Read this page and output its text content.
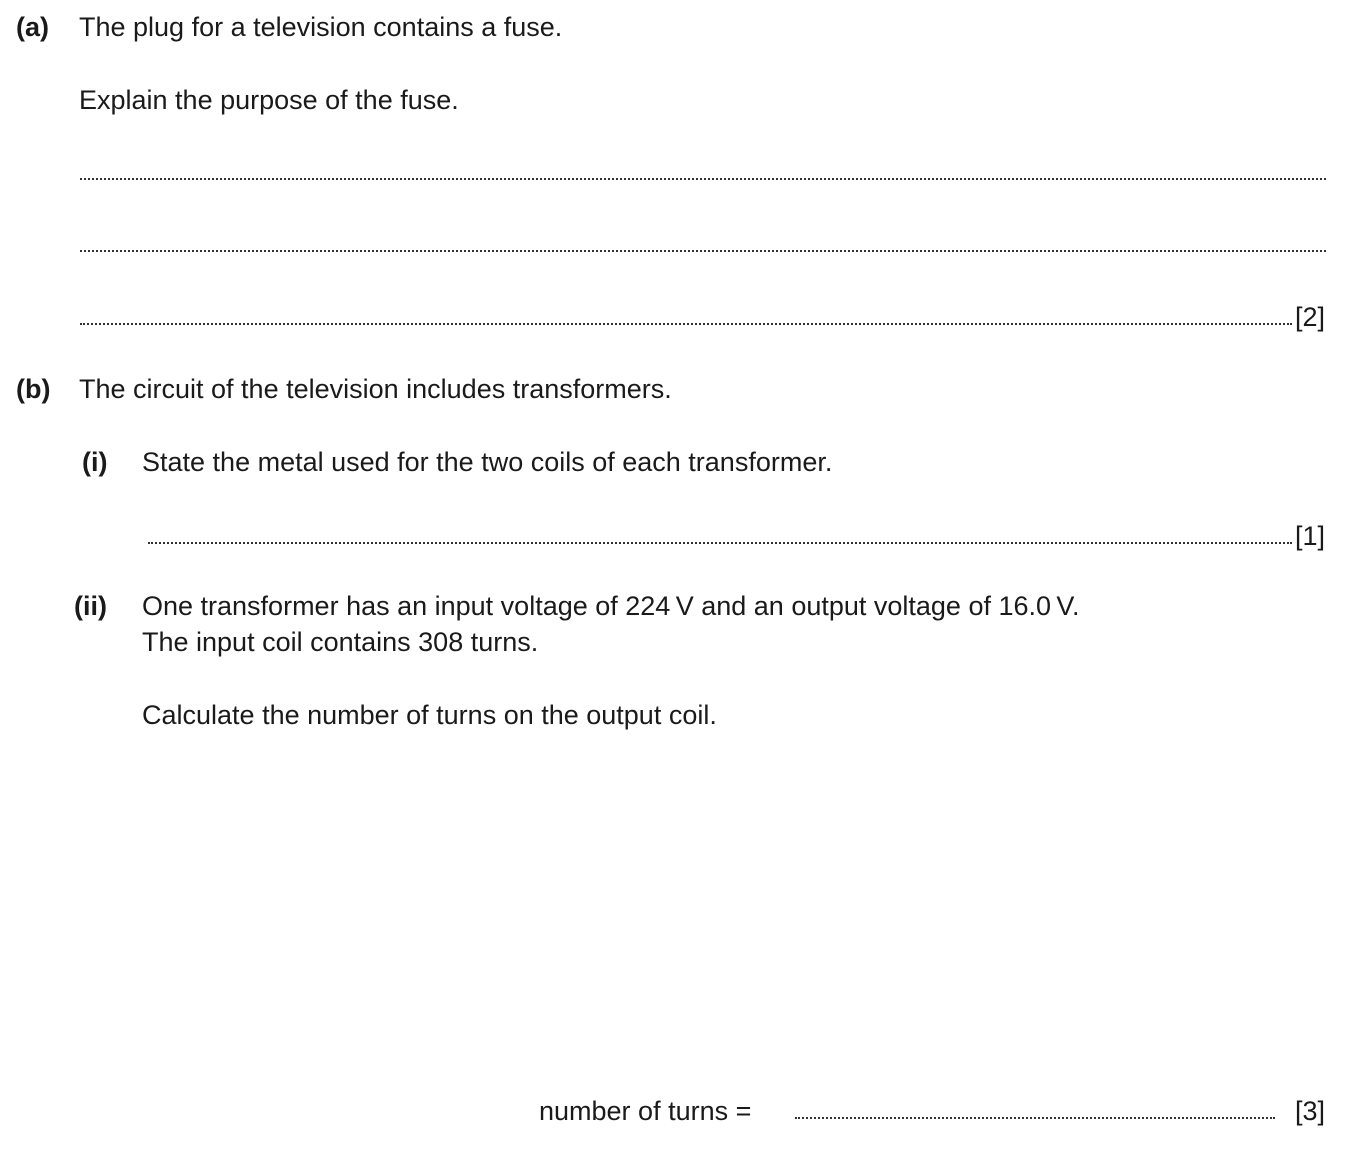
(a) The plug for a television contains a fuse.
Explain the purpose of the fuse.
[2]
(b) The circuit of the television includes transformers.
(i) State the metal used for the two coils of each transformer.
[1]
(ii) One transformer has an input voltage of 224 V and an output voltage of 16.0 V.
The input coil contains 308 turns.
Calculate the number of turns on the output coil.
number of turns =	[3]
